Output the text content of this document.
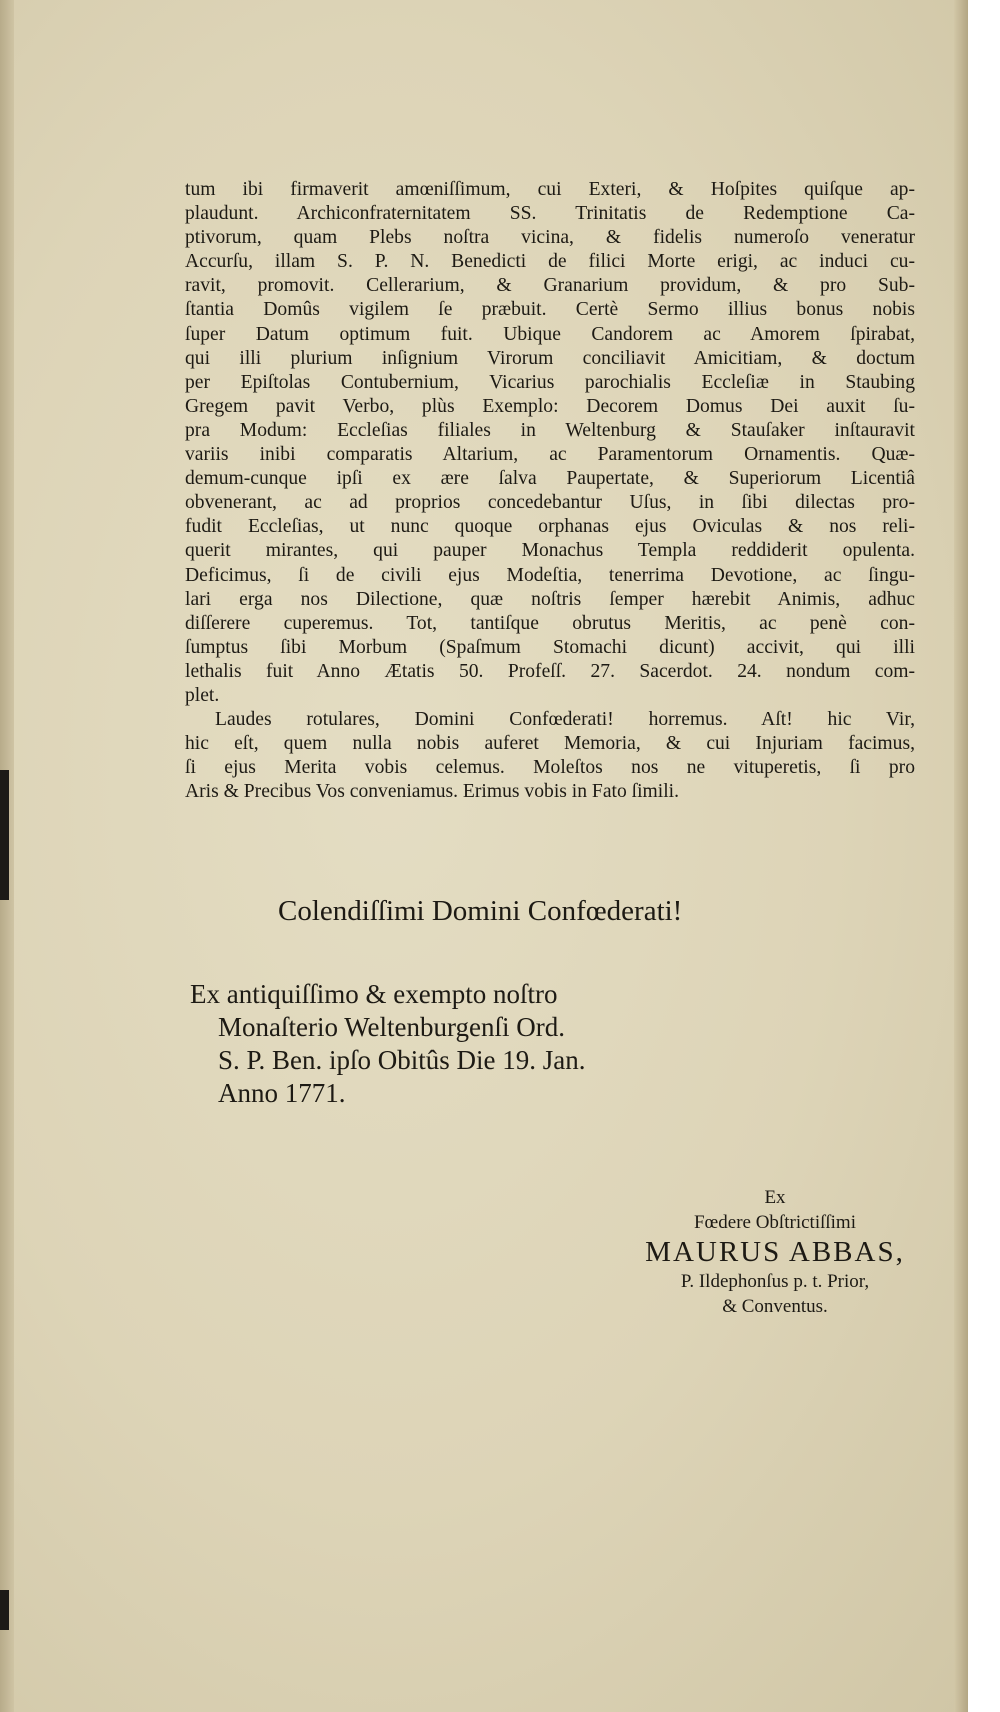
tum ibi firmaverit amœniſſimum, cui Exteri, & Hoſpites quiſque ap-
plaudunt. Archiconfraternitatem SS. Trinitatis de Redemptione Ca-
ptivorum, quam Plebs noſtra vicina, & fidelis numeroſo veneratur
Accurſu, illam S. P. N. Benedicti de filici Morte erigi, ac induci cu-
ravit, promovit. Cellerarium, & Granarium providum, & pro Sub-
ſtantia Domûs vigilem ſe præbuit. Certè Sermo illius bonus nobis
ſuper Datum optimum fuit. Ubique Candorem ac Amorem ſpirabat,
qui illi plurium inſignium Virorum conciliavit Amicitiam, & doctum
per Epiſtolas Contubernium, Vicarius parochialis Eccleſiæ in Staubing
Gregem pavit Verbo, plùs Exemplo: Decorem Domus Dei auxit ſu-
pra Modum: Eccleſias filiales in Weltenburg & Stauſaker inſtauravit
variis inibi comparatis Altarium, ac Paramentorum Ornamentis. Quæ-
demum-cunque ipſi ex ære ſalva Paupertate, & Superiorum Licentiâ
obvenerant, ac ad proprios concedebantur Uſus, in ſibi dilectas pro-
fudit Eccleſias, ut nunc quoque orphanas ejus Oviculas & nos reli-
querit mirantes, qui pauper Monachus Templa reddiderit opulenta.
Deficimus, ſi de civili ejus Modeſtia, tenerrima Devotione, ac ſingu-
lari erga nos Dilectione, quæ noſtris ſemper hærebit Animis, adhuc
diſſerere cuperemus. Tot, tantiſque obrutus Meritis, ac penè con-
ſumptus ſibi Morbum (Spaſmum Stomachi dicunt) accivit, qui illi
lethalis fuit Anno Ætatis 50. Profeſſ. 27. Sacerdot. 24. nondum com-
plet.
Laudes rotulares, Domini Confœderati! horremus. Aſt! hic Vir,
hic eſt, quem nulla nobis auferet Memoria, & cui Injuriam facimus,
ſi ejus Merita vobis celemus. Moleſtos nos ne vituperetis, ſi pro
Aris & Precibus Vos conveniamus. Erimus vobis in Fato ſimili.
Colendiſſimi Domini Confœderati!
Ex antiquiſſimo & exempto noſtro
Monaſterio Weltenburgenſi Ord.
S. P. Ben. ipſo Obitûs Die 19. Jan.
Anno 1771.
Ex
Fœdere Obſtrictiſſimi
MAURUS ABBAS,
P. Ildephonſus p. t. Prior,
& Conventus.
